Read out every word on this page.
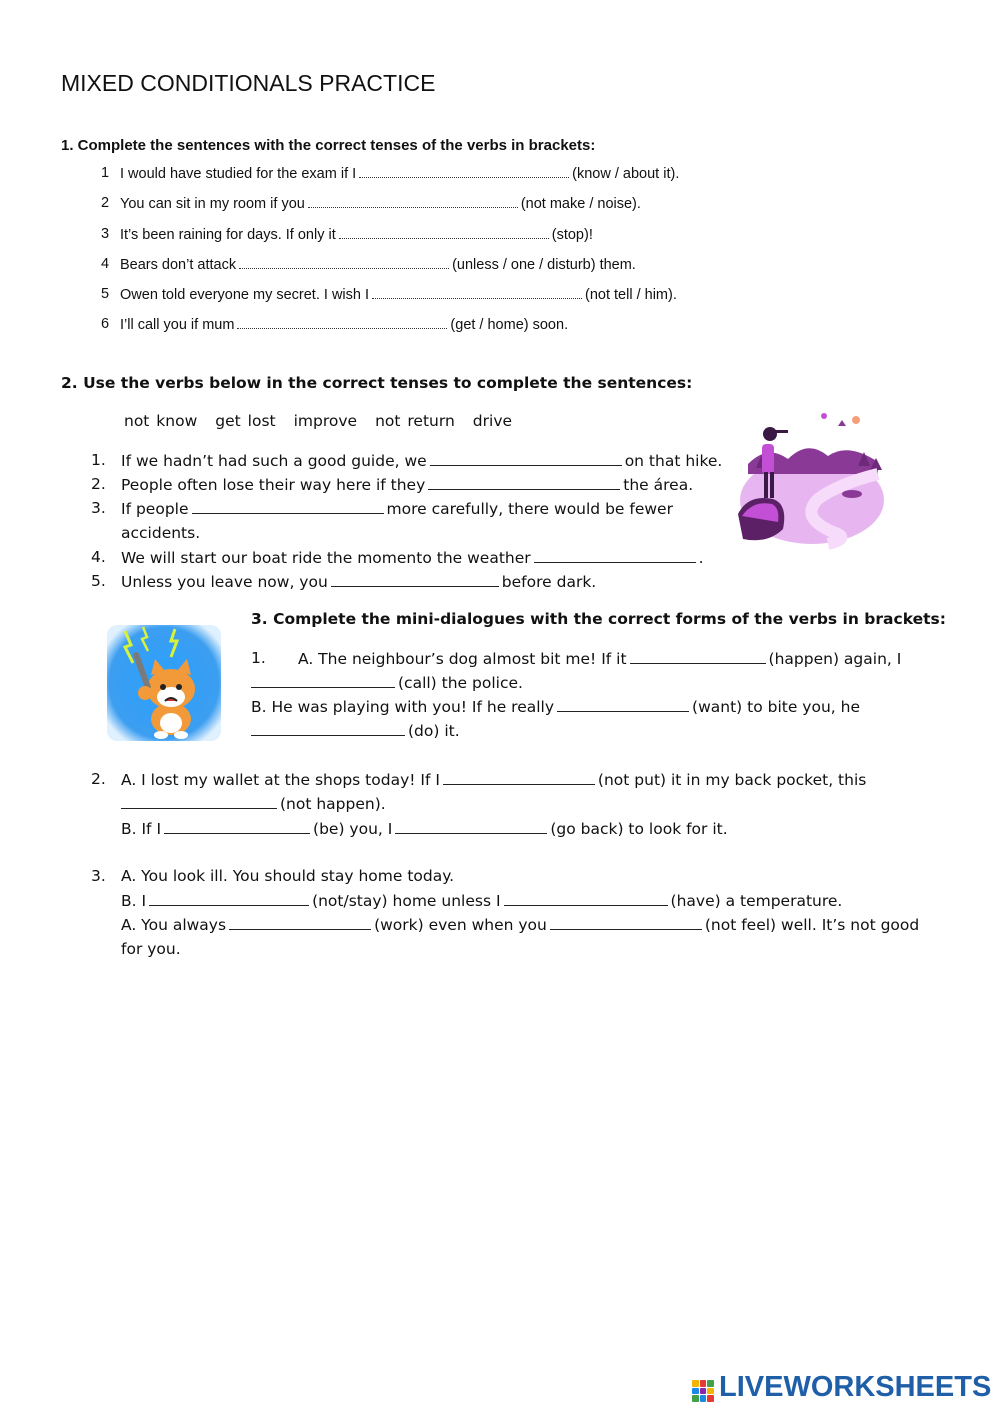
MIXED CONDITIONALS PRACTICE
1. Complete the sentences with the correct tenses of the verbs in brackets:
1 I would have studied for the exam if I	(know / about it).
2 You can sit in my room if you	(not make / noise).
3 It’s been raining for days. If only it	(stop)!
4 Bears don’t attack	(unless / one / disturb) them.
5 Owen told everyone my secret. I wish I	(not tell / him).
6 I’ll call you if mum	(get / home) soon.
2. Use the verbs below in the correct tenses to complete the sentences:
not know get lost improve not return drive
1. If we hadn’t had such a good guide, we	on that hike.
2. People often lose their way here if they	the área.
3. If people	more carefully, there would be fewer
accidents.
4. We will start our boat ride the momento the weather	.
5. Unless you leave now, you	before dark.
3. Complete the mini-dialogues with the correct forms of the verbs in brackets:
1. A. The neighbour’s dog almost bit me! If it	(happen) again, I
(call) the police.
B. He was playing with you! If he really	(want) to bite you, he
(do) it.
2. A. I lost my wallet at the shops today! If I	(not put) it in my back pocket, this
(not happen).
B. If I	(be) you, I	(go back) to look for it.
3. A. You look ill. You should stay home today.
B. I	(not/stay) home unless I	(have) a temperature.
A. You always	(work) even when you	(not feel) well. It’s not good
for you.
LIVEWORKSHEETS
